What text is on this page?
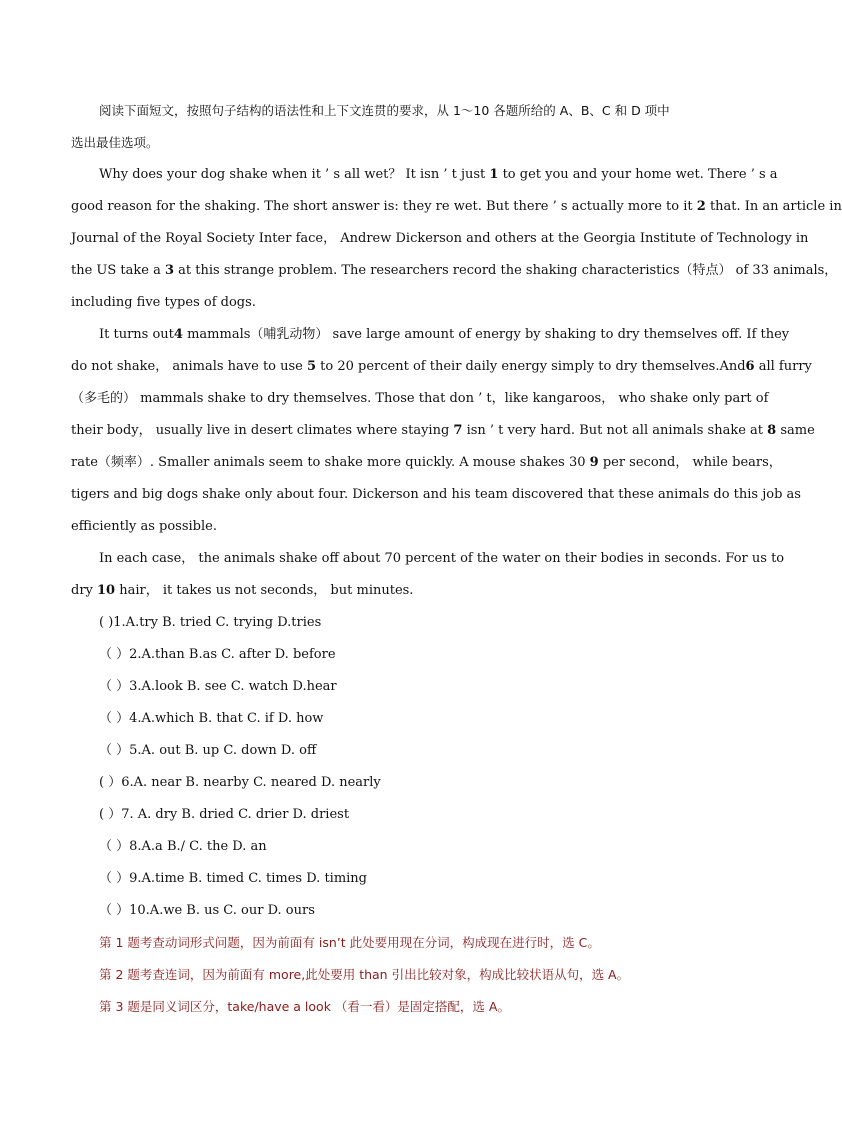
阅读下面短文，按照句子结构的语法性和上下文连贯的要求，从 1～10 各题所给的 A、B、C 和 D 项中
选出最佳选项。
Why does your dog shake when it ’ s all wet？ It isn ’ t just 1 to get you and your home wet. There ’ s a
good reason for the shaking. The short answer is: they re wet. But there ’ s actually more to it 2 that. In an article in
Journal of the Royal Society Inter face， Andrew Dickerson and others at the Georgia Institute of Technology in
the US take a 3 at this strange problem. The researchers record the shaking characteristics（特点） of 33 animals，
including five types of dogs.
It turns out4 mammals（哺乳动物） save large amount of energy by shaking to dry themselves off. If they
do not shake， animals have to use 5 to 20 percent of their daily energy simply to dry themselves.And6 all furry
（多毛的） mammals shake to dry themselves. Those that don ’ t，like kangaroos， who shake only part of
their body， usually live in desert climates where staying 7 isn ’ t very hard. But not all animals shake at 8 same
rate（频率）. Smaller animals seem to shake more quickly. A mouse shakes 30 9 per second， while bears，
tigers and big dogs shake only about four. Dickerson and his team discovered that these animals do this job as
efficiently as possible.
In each case， the animals shake off about 70 percent of the water on their bodies in seconds. For us to
dry 10 hair， it takes us not seconds， but minutes.
( )1.A.try B. tried C. trying D.tries
（ ）2.A.than B.as C. after D. before
（ ）3.A.look B. see C. watch D.hear
（ ）4.A.which B. that C. if D. how
（ ）5.A. out B. up C. down D. off
( ）6.A. near B. nearby C. neared D. nearly
( ）7. A. dry B. dried C. drier D. driest
（ ）8.A.a B./ C. the D. an
（ ）9.A.time B. timed C. times D. timing
（ ）10.A.we B. us C. our D. ours
第 1 题考查动词形式问题，因为前面有 isn’t 此处要用现在分词，构成现在进行时，选 C。
第 2 题考查连词，因为前面有 more,此处要用 than 引出比较对象，构成比较状语从句，选 A。
第 3 题是同义词区分，take/have a look （看一看）是固定搭配，选 A。
